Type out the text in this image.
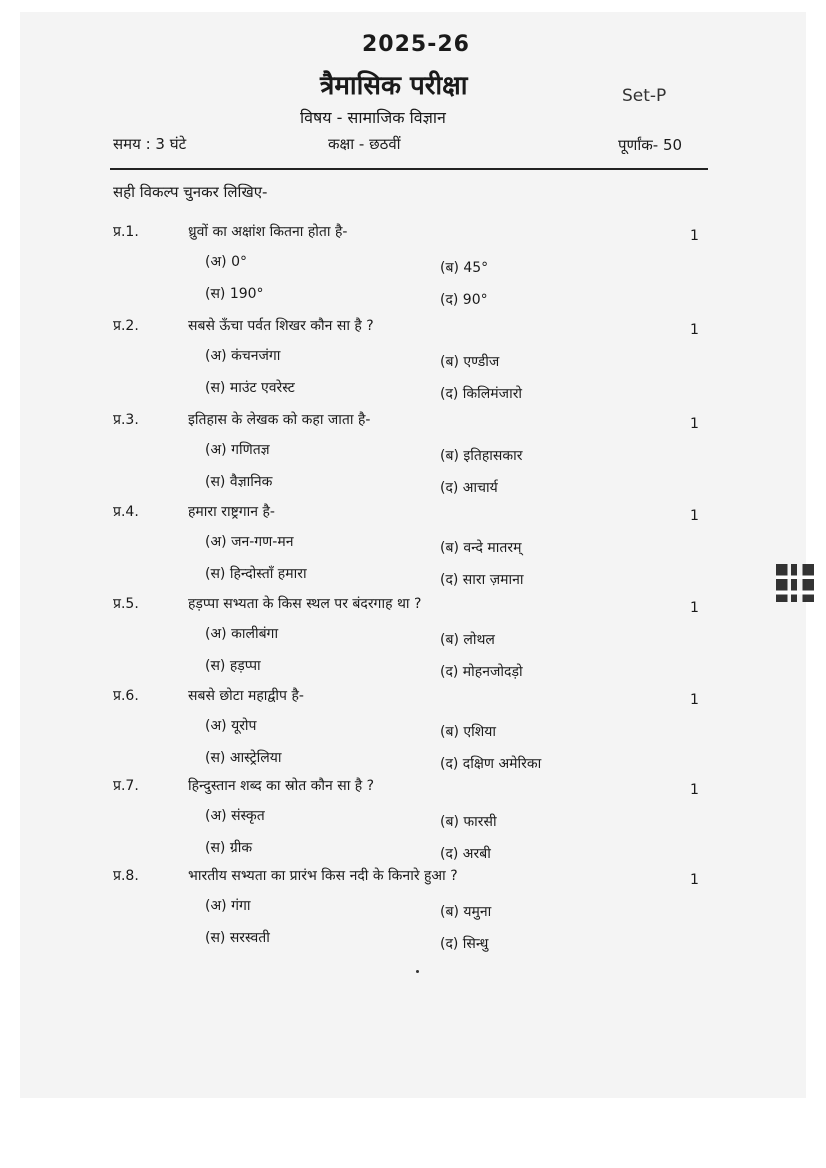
2025-26
त्रैमासिक परीक्षा	Set-P
विषय - सामाजिक विज्ञान
समय : 3 घंटे	कक्षा - छठवीं	पूर्णांक- 50
सही विकल्प चुनकर लिखिए-
प्र.1.	ध्रुवों का अक्षांश कितना होता है-	1
(अ) 0°	(ब) 45°
(स) 190°	(द) 90°
प्र.2.	सबसे ऊँचा पर्वत शिखर कौन सा है ?	1
(अ) कंचनजंगा	(ब) एण्डीज
(स) माउंट एवरेस्ट	(द) किलिमंजारो
प्र.3.	इतिहास के लेखक को कहा जाता है-	1
(अ) गणितज्ञ	(ब) इतिहासकार
(स) वैज्ञानिक	(द) आचार्य
प्र.4.	हमारा राष्ट्रगान है-	1
(अ) जन-गण-मन	(ब) वन्दे मातरम्
(स) हिन्दोस्ताँ हमारा	(द) सारा ज़माना
प्र.5.	हड़प्पा सभ्यता के किस स्थल पर बंदरगाह था ?	1
(अ) कालीबंगा	(ब) लोथल
(स) हड़प्पा	(द) मोहनजोदड़ो
प्र.6.	सबसे छोटा महाद्वीप है-	1
(अ) यूरोप	(ब) एशिया
(स) आस्ट्रेलिया	(द) दक्षिण अमेरिका
प्र.7.	हिन्दुस्तान शब्द का स्रोत कौन सा है ?	1
(अ) संस्कृत	(ब) फारसी
(स) ग्रीक	(द) अरबी
प्र.8.	भारतीय सभ्यता का प्रारंभ किस नदी के किनारे हुआ ?	1
(अ) गंगा	(ब) यमुना
(स) सरस्वती	(द) सिन्धु
